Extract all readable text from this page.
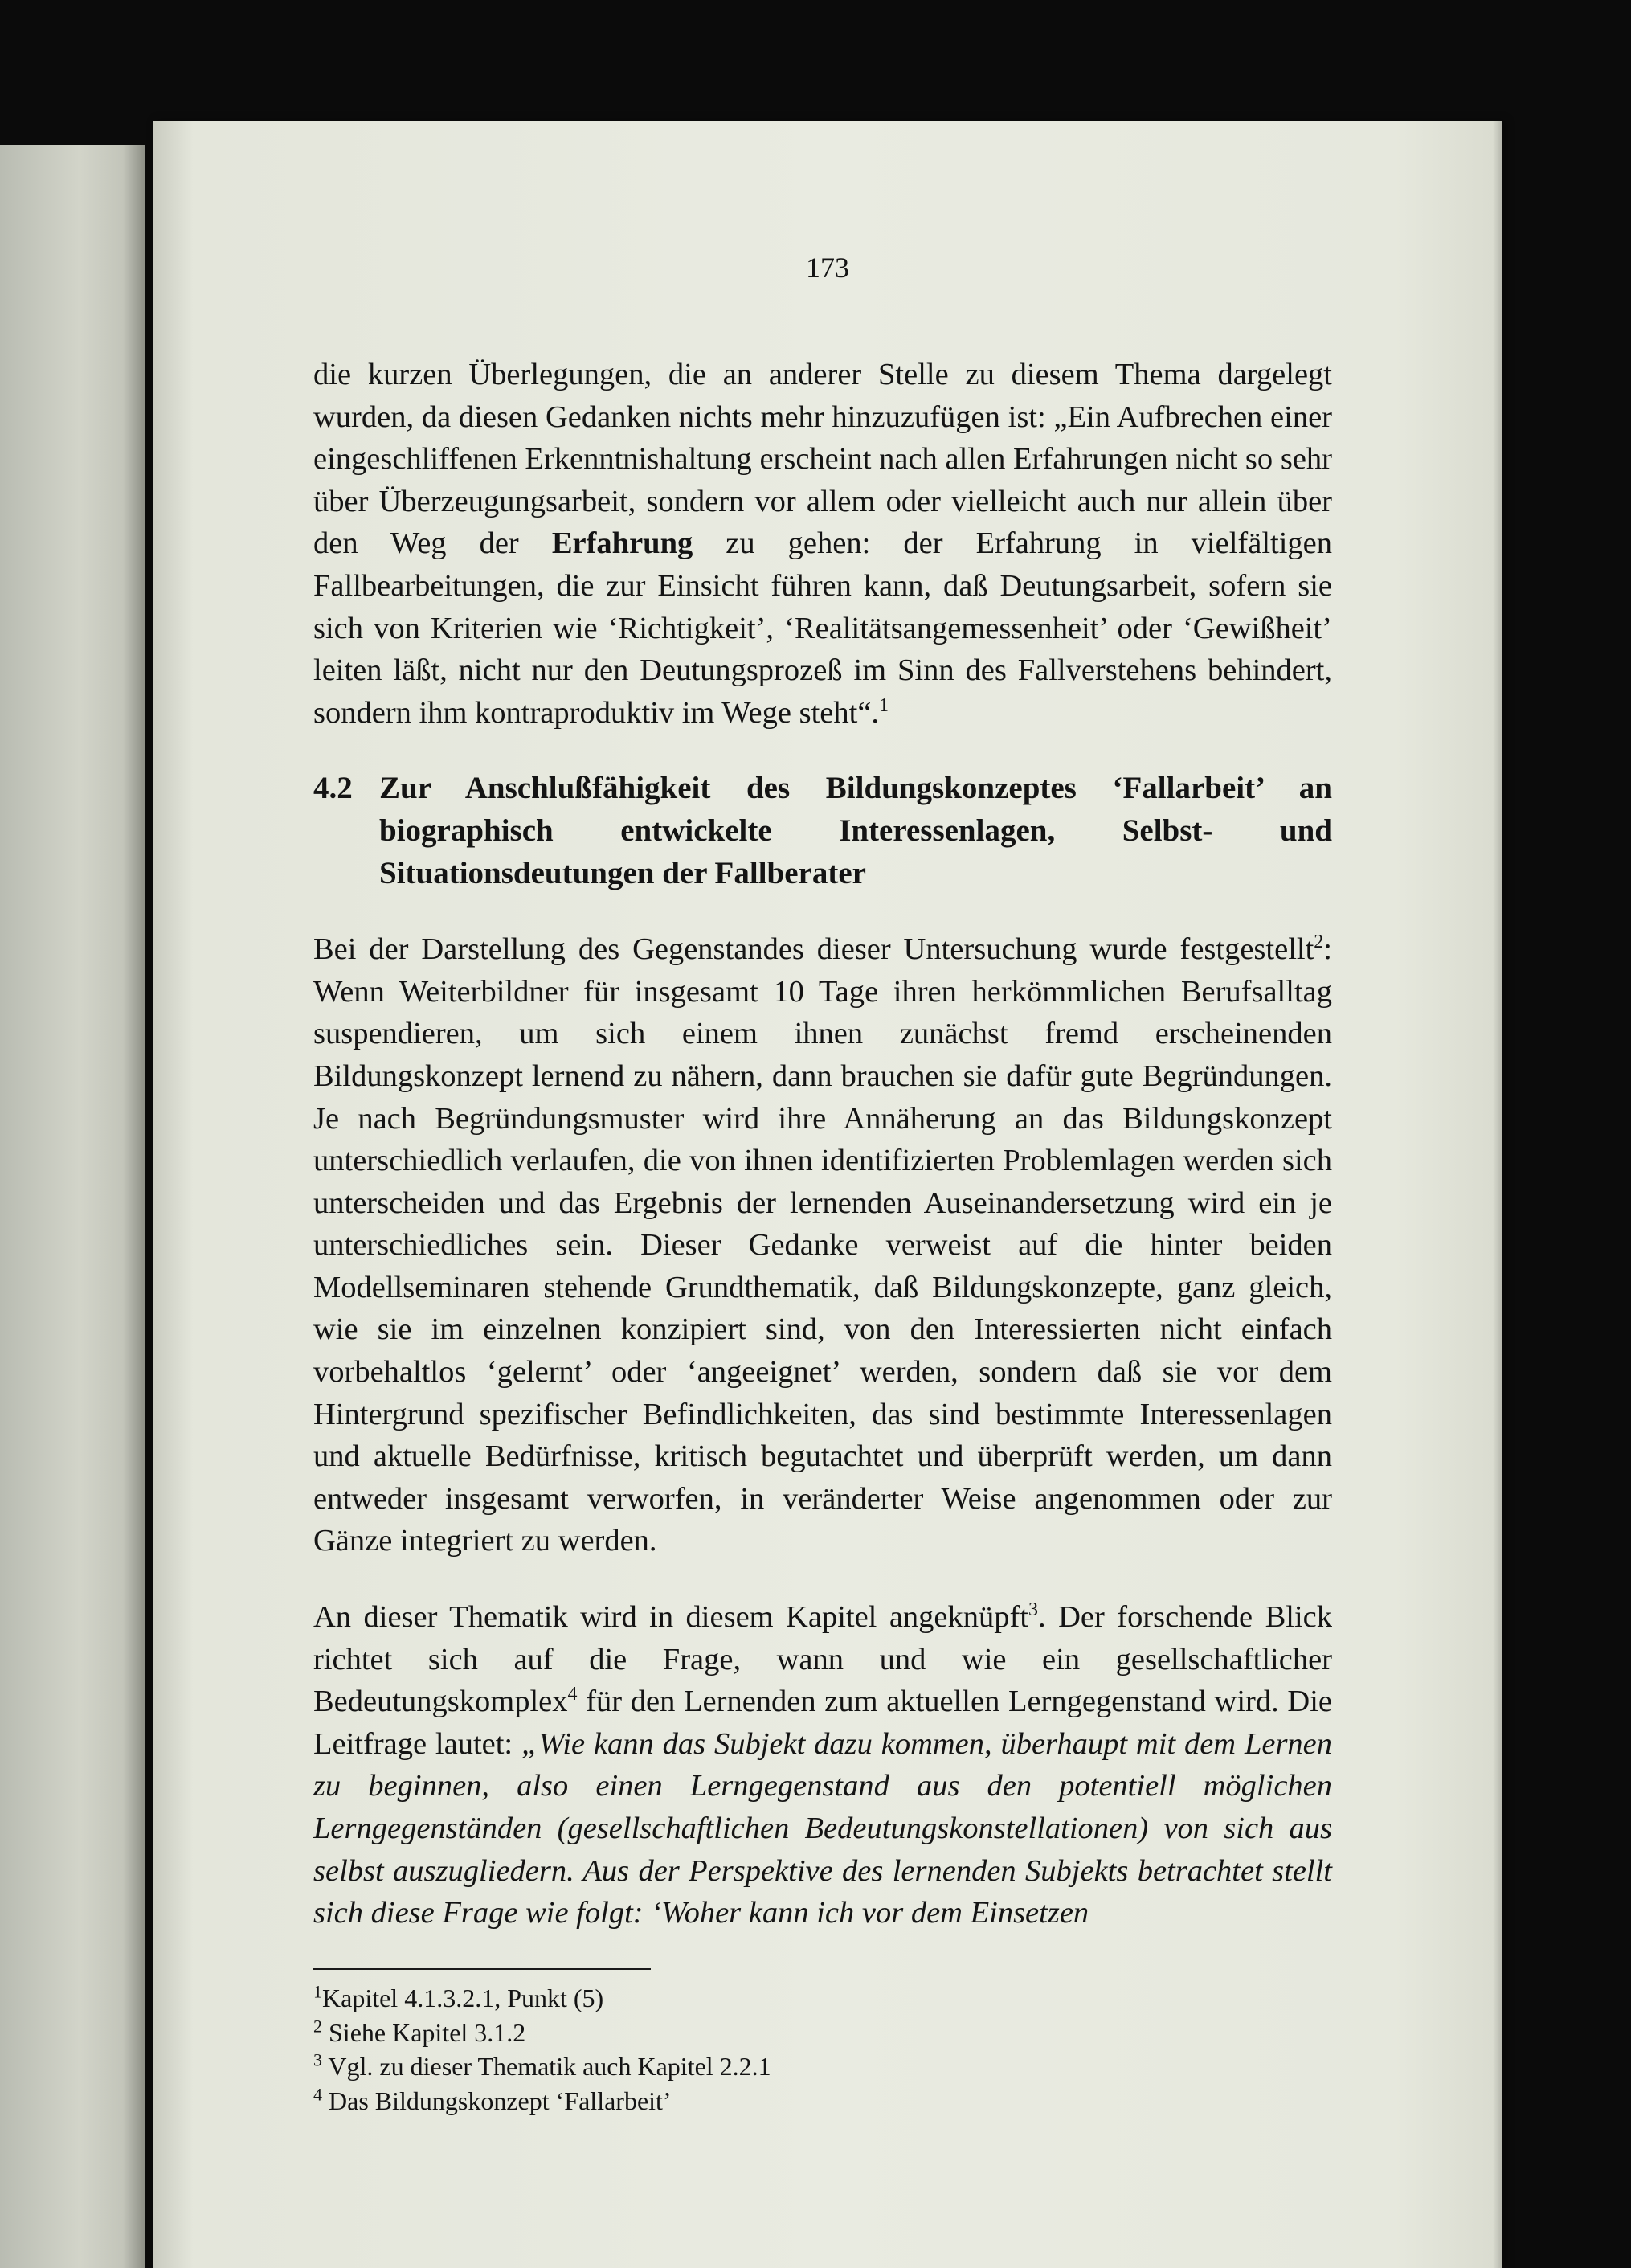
173

die kurzen Überlegungen, die an anderer Stelle zu diesem Thema dargelegt wurden, da diesen Gedanken nichts mehr hinzuzufügen ist: „Ein Aufbrechen einer eingeschliffenen Erkenntnishaltung erscheint nach allen Erfahrungen nicht so sehr über Überzeugungsarbeit, sondern vor allem oder vielleicht auch nur allein über den Weg der Erfahrung zu gehen: der Erfahrung in vielfältigen Fallbearbeitungen, die zur Einsicht führen kann, daß Deutungsarbeit, sofern sie sich von Kriterien wie ‘Richtigkeit’, ‘Realitätsangemessenheit’ oder ‘Gewißheit’ leiten läßt, nicht nur den Deutungsprozeß im Sinn des Fallverstehens behindert, sondern ihm kontraproduktiv im Wege steht“.$^1$

4.2 Zur Anschlußfähigkeit des Bildungskonzeptes ‘Fallarbeit’ an biographisch entwickelte Interessenlagen, Selbst- und Situationsdeutungen der Fallberater

Bei der Darstellung des Gegenstandes dieser Untersuchung wurde festgestellt$^2$: Wenn Weiterbildner für insgesamt 10 Tage ihren herkömmlichen Berufsalltag suspendieren, um sich einem ihnen zunächst fremd erscheinenden Bildungskonzept lernend zu nähern, dann brauchen sie dafür gute Begründungen. Je nach Begründungsmuster wird ihre Annäherung an das Bildungskonzept unterschiedlich verlaufen, die von ihnen identifizierten Problemlagen werden sich unterscheiden und das Ergebnis der lernenden Auseinandersetzung wird ein je unterschiedliches sein. Dieser Gedanke verweist auf die hinter beiden Modellseminaren stehende Grundthematik, daß Bildungskonzepte, ganz gleich, wie sie im einzelnen konzipiert sind, von den Interessierten nicht einfach vorbehaltlos ‘gelernt’ oder ‘angeeignet’ werden, sondern daß sie vor dem Hintergrund spezifischer Befindlichkeiten, das sind bestimmte Interessenlagen und aktuelle Bedürfnisse, kritisch begutachtet und überprüft werden, um dann entweder insgesamt verworfen, in veränderter Weise angenommen oder zur Gänze integriert zu werden.

An dieser Thematik wird in diesem Kapitel angeknüpft$^3$. Der forschende Blick richtet sich auf die Frage, wann und wie ein gesellschaftlicher Bedeutungskomplex$^4$ für den Lernenden zum aktuellen Lerngegenstand wird. Die Leitfrage lautet: „Wie kann das Subjekt dazu kommen, überhaupt mit dem Lernen zu beginnen, also einen Lerngegenstand aus den potentiell möglichen Lerngegenständen (gesellschaftlichen Bedeutungskonstellationen) von sich aus selbst auszugliedern. Aus der Perspektive des lernenden Subjekts betrachtet stellt sich diese Frage wie folgt: ‘Woher kann ich vor dem Einsetzen

$^1$Kapitel 4.1.3.2.1, Punkt (5)
$^2$ Siehe Kapitel 3.1.2
$^3$ Vgl. zu dieser Thematik auch Kapitel 2.2.1
$^4$ Das Bildungskonzept ‘Fallarbeit’
